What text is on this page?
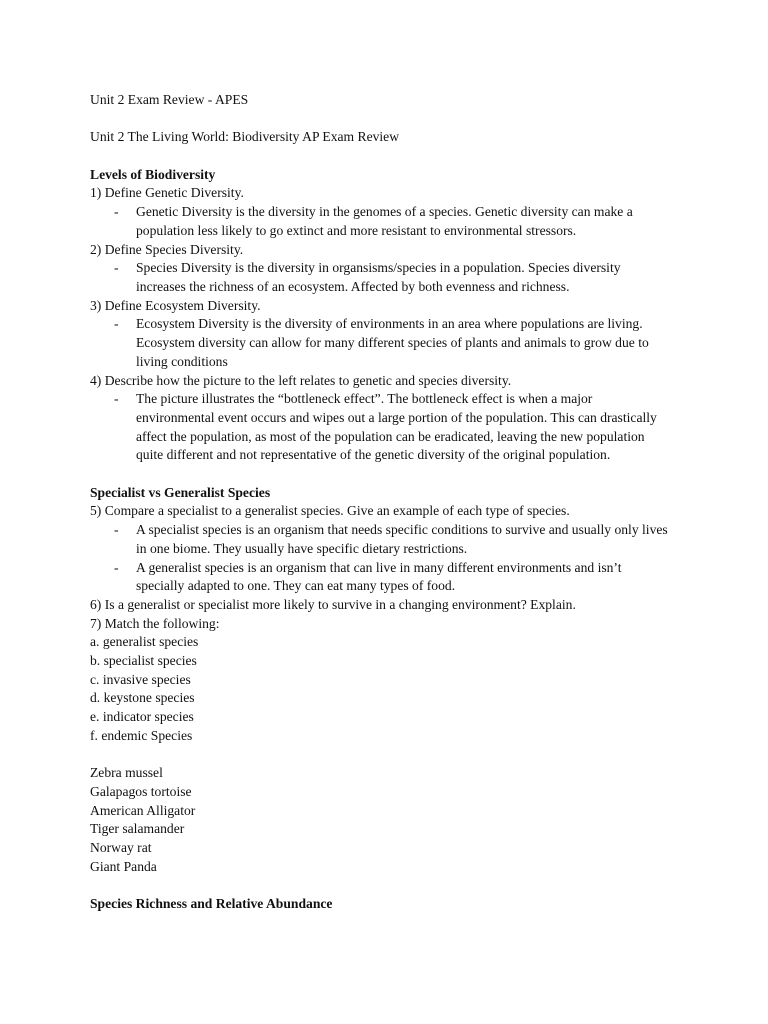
Unit 2 Exam Review - APES

Unit 2 The Living World: Biodiversity AP Exam Review

Levels of Biodiversity

1) Define Genetic Diversity.

- Genetic Diversity is the diversity in the genomes of a species. Genetic diversity can make a

population less likely to go extinct and more resistant to environmental stressors.

2) Define Species Diversity.

- Species Diversity is the diversity in organsisms/species in a population. Species diversity

increases the richness of an ecosystem. Affected by both evenness and richness.

3) Define Ecosystem Diversity.

- Ecosystem Diversity is the diversity of environments in an area where populations are living.

Ecosystem diversity can allow for many different species of plants and animals to grow due to

living conditions

4) Describe how the picture to the left relates to genetic and species diversity.

- The picture illustrates the “bottleneck effect”. The bottleneck effect is when a major

environmental event occurs and wipes out a large portion of the population. This can drastically

affect the population, as most of the population can be eradicated, leaving the new population

quite different and not representative of the genetic diversity of the original population.

Specialist vs Generalist Species

5) Compare a specialist to a generalist species. Give an example of each type of species.

- A specialist species is an organism that needs specific conditions to survive and usually only lives

in one biome. They usually have specific dietary restrictions.

- A generalist species is an organism that can live in many different environments and isn’t

specially adapted to one. They can eat many types of food.

6) Is a generalist or specialist more likely to survive in a changing environment? Explain.

7) Match the following:

a. generalist species

b. specialist species

c. invasive species

d. keystone species

e. indicator species

f. endemic Species

Zebra mussel

Galapagos tortoise

American Alligator

Tiger salamander

Norway rat

Giant Panda

Species Richness and Relative Abundance
